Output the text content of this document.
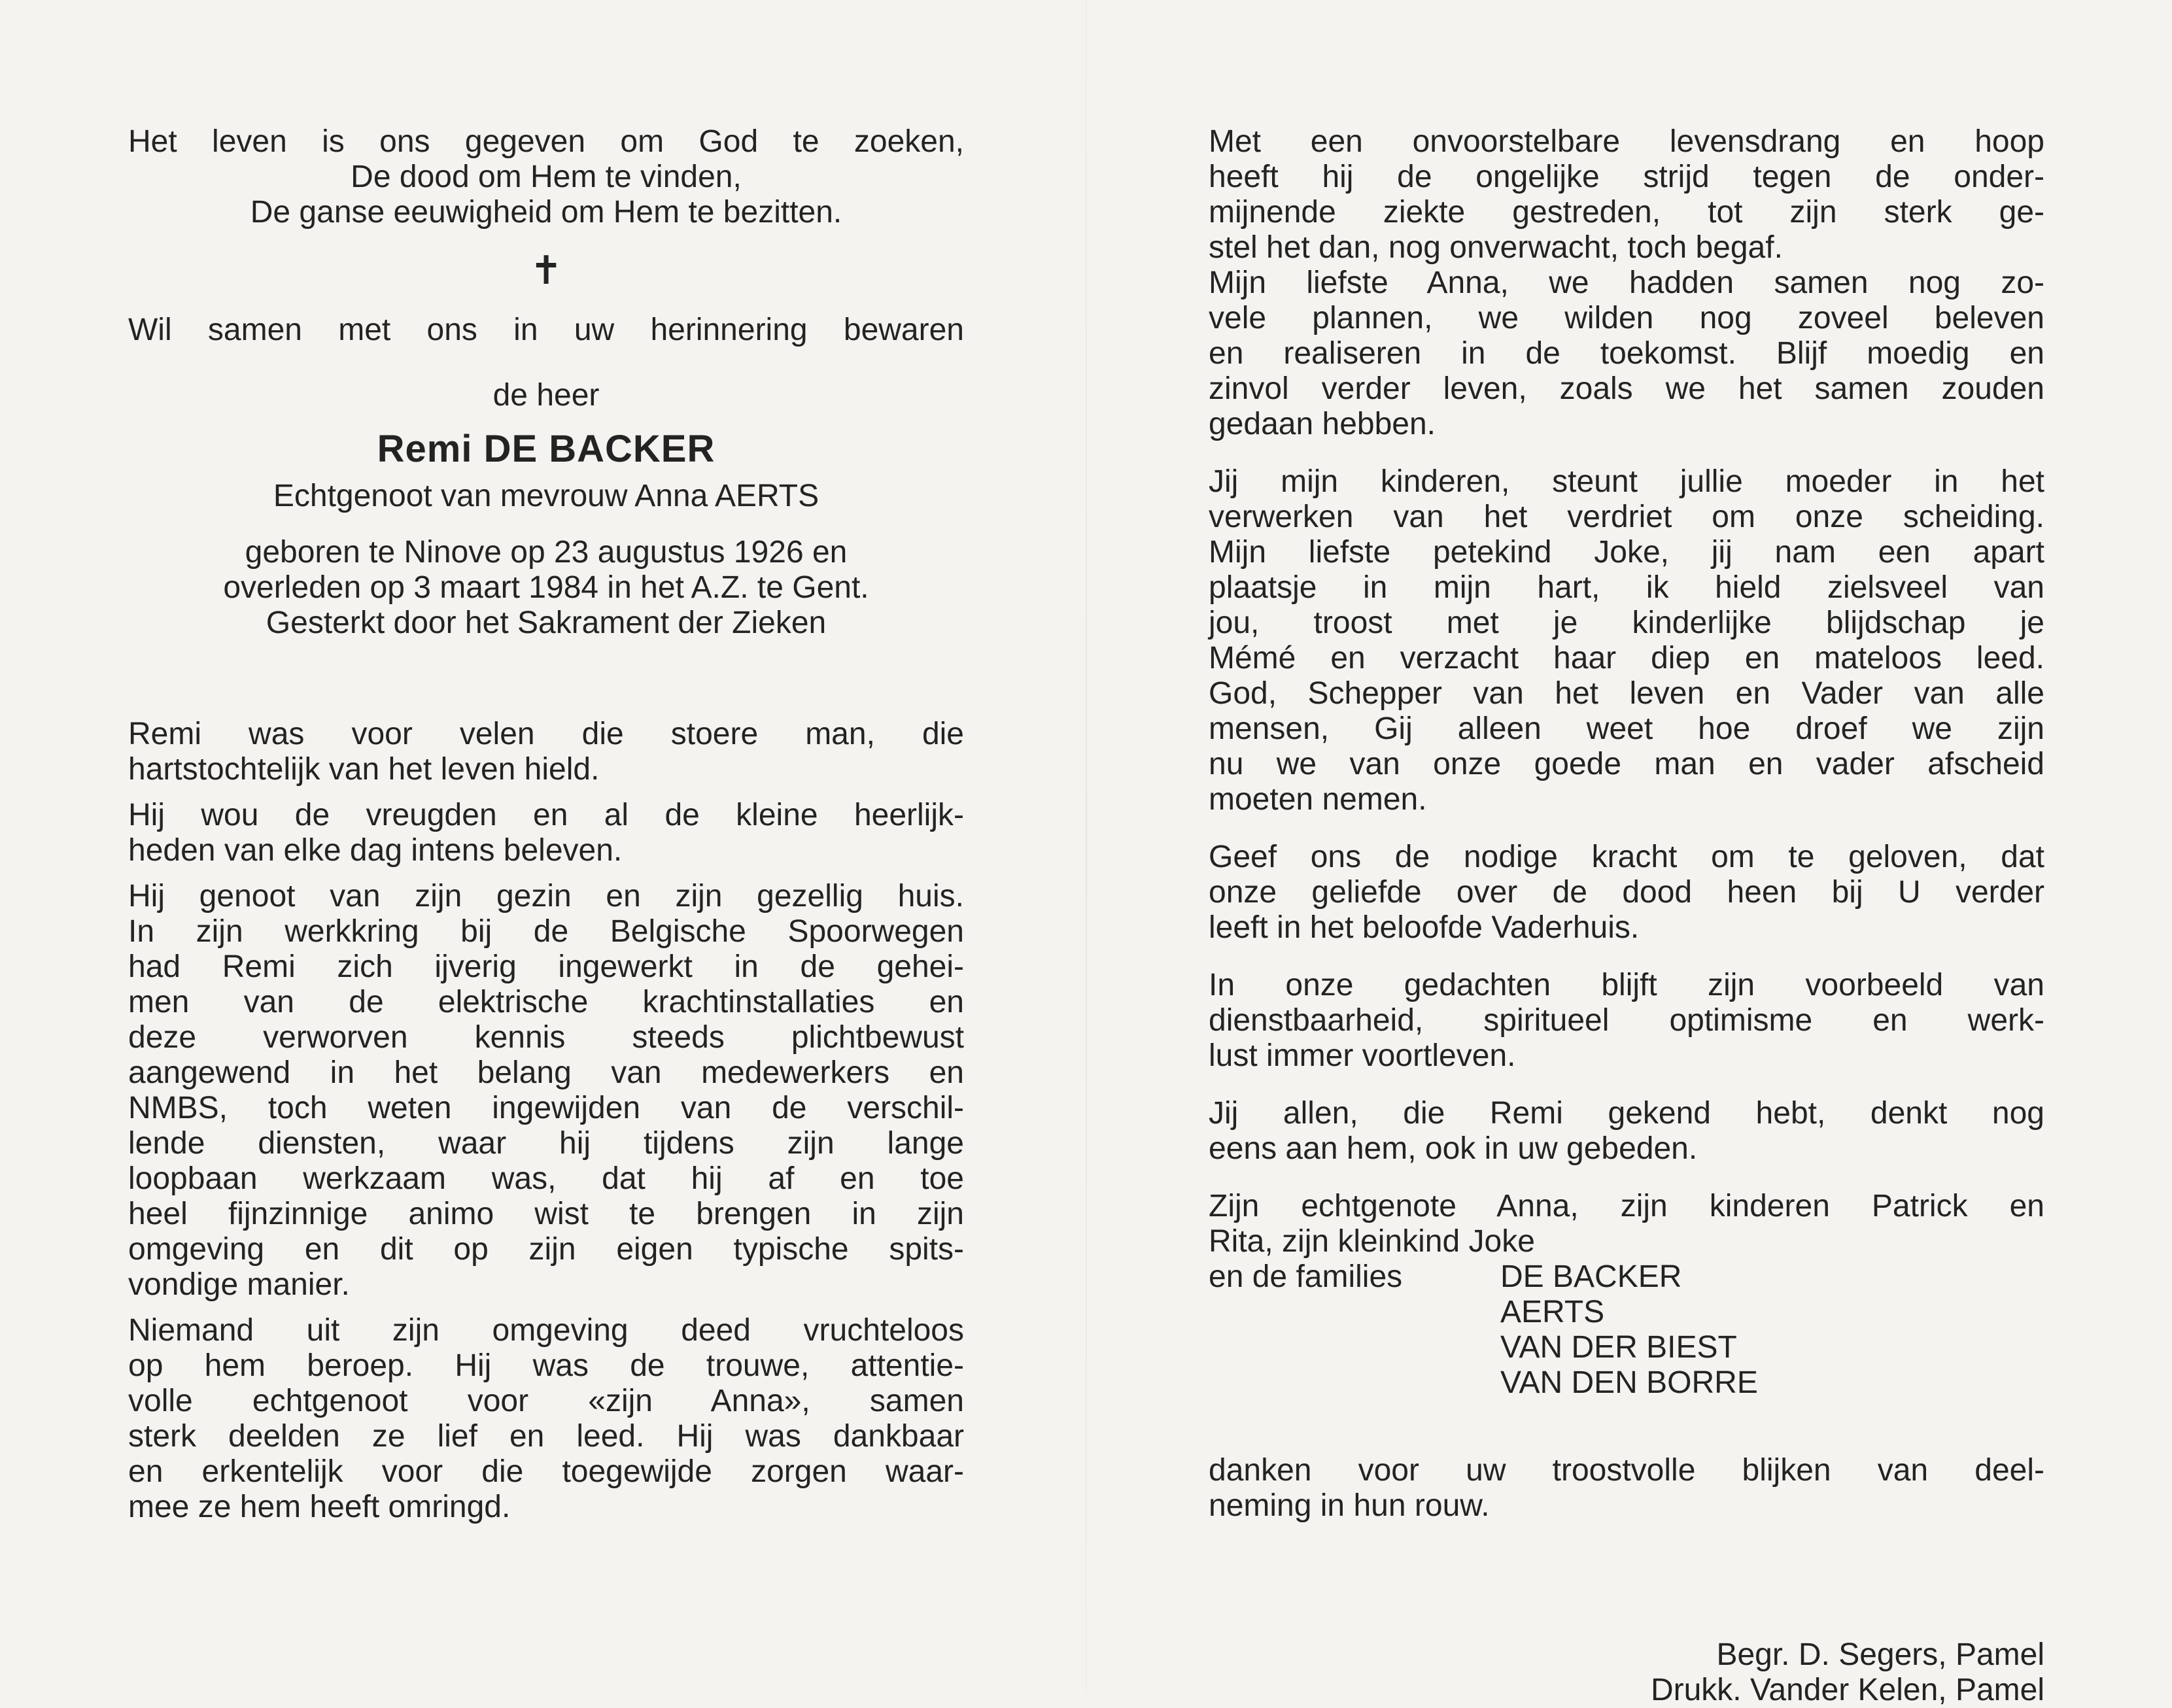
Het leven is ons gegeven om God te zoeken,
De dood om Hem te vinden,
De ganse eeuwigheid om Hem te bezitten.
✝
Wil samen met ons in uw herinnering bewaren
de heer
Remi DE BACKER
Echtgenoot van mevrouw Anna AERTS
geboren te Ninove op 23 augustus 1926 en
overleden op 3 maart 1984 in het A.Z. te Gent.
Gesterkt door het Sakrament der Zieken
Remi was voor velen die stoere man, die
hartstochtelijk van het leven hield.
Hij wou de vreugden en al de kleine heerlijk-
heden van elke dag intens beleven.
Hij genoot van zijn gezin en zijn gezellig huis.
In zijn werkkring bij de Belgische Spoorwegen
had Remi zich ijverig ingewerkt in de gehei-
men van de elektrische krachtinstallaties en
deze verworven kennis steeds plichtbewust
aangewend in het belang van medewerkers en
NMBS, toch weten ingewijden van de verschil-
lende diensten, waar hij tijdens zijn lange
loopbaan werkzaam was, dat hij af en toe
heel fijnzinnige animo wist te brengen in zijn
omgeving en dit op zijn eigen typische spits-
vondige manier.
Niemand uit zijn omgeving deed vruchteloos
op hem beroep. Hij was de trouwe, attentie-
volle echtgenoot voor «zijn Anna», samen
sterk deelden ze lief en leed. Hij was dankbaar
en erkentelijk voor die toegewijde zorgen waar-
mee ze hem heeft omringd.
Met een onvoorstelbare levensdrang en hoop
heeft hij de ongelijke strijd tegen de onder-
mijnende ziekte gestreden, tot zijn sterk ge-
stel het dan, nog onverwacht, toch begaf.
Mijn liefste Anna, we hadden samen nog zo-
vele plannen, we wilden nog zoveel beleven
en realiseren in de toekomst. Blijf moedig en
zinvol verder leven, zoals we het samen zouden
gedaan hebben.
Jij mijn kinderen, steunt jullie moeder in het
verwerken van het verdriet om onze scheiding.
Mijn liefste petekind Joke, jij nam een apart
plaatsje in mijn hart, ik hield zielsveel van
jou, troost met je kinderlijke blijdschap je
Mémé en verzacht haar diep en mateloos leed.
God, Schepper van het leven en Vader van alle
mensen, Gij alleen weet hoe droef we zijn
nu we van onze goede man en vader afscheid
moeten nemen.
Geef ons de nodige kracht om te geloven, dat
onze geliefde over de dood heen bij U verder
leeft in het beloofde Vaderhuis.
In onze gedachten blijft zijn voorbeeld van
dienstbaarheid, spiritueel optimisme en werk-
lust immer voortleven.
Jij allen, die Remi gekend hebt, denkt nog
eens aan hem, ook in uw gebeden.
Zijn echtgenote Anna, zijn kinderen Patrick en
Rita, zijn kleinkind Joke
en de families	DE BACKER
AERTS
VAN DER BIEST
VAN DEN BORRE
danken voor uw troostvolle blijken van deel-
neming in hun rouw.
Begr. D. Segers, Pamel
Drukk. Vander Kelen, Pamel
